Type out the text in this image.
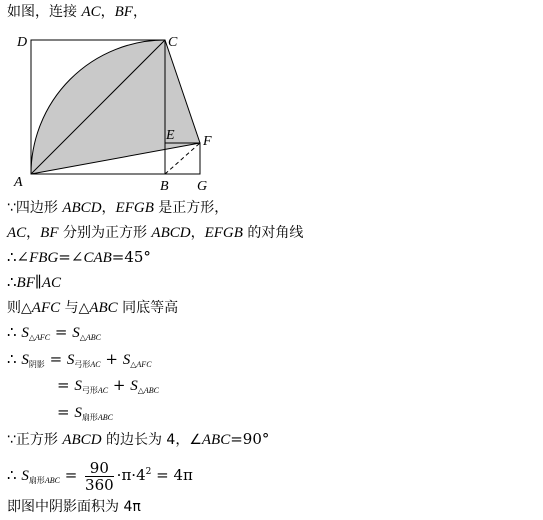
如图，连接 AC，BF，
D	C
E F
A	B G
∵四边形 ABCD，EFGB 是正方形，
AC，BF 分别为正方形 ABCD，EFGB 的对角线
∴∠FBG=∠CAB=45°
∴BF∥AC
则△AFC 与△ABC 同底等高
∴ $S_{\triangle AFC} = S_{\triangle ABC}$
∴ $S_{阴影} = S_{弓形AC} + S_{\triangle AFC}$
= $S_{弓形AC} + S_{\triangle ABC}$
= $S_{扇形ABC}$
∵正方形 ABCD 的边长为 4，∠ABC=90°
∴ $S_{扇形ABC} = \frac{90}{360} \cdot\pi\cdot 4^2 = 4\pi$
即图中阴影面积为 4π
